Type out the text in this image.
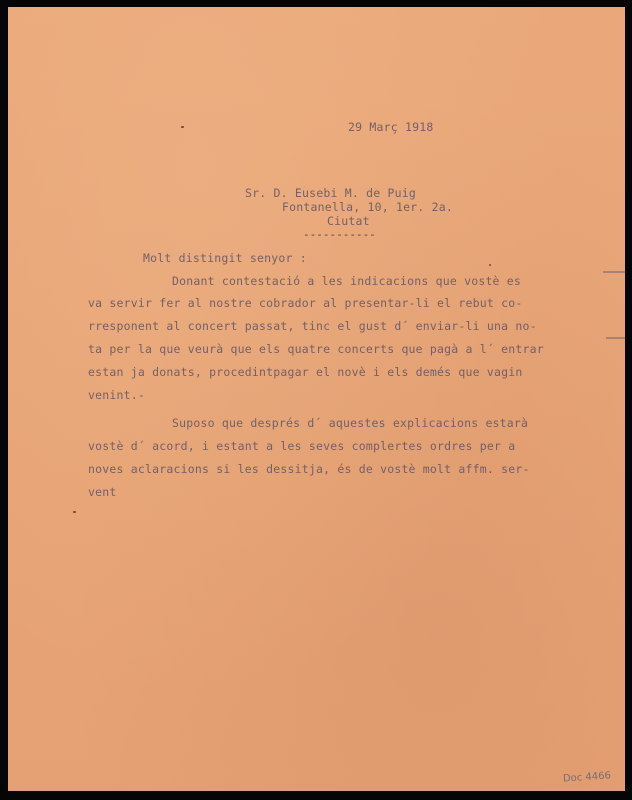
29 Març 1918
Sr. D. Eusebi M. de Puig
Fontanella, 10, 1er. 2a.
Ciutat
-----------
Molt distingit senyor :
Donant contestació a les indicacions que vostè es
va servir fer al nostre cobrador al presentar-li el rebut co-
rresponent al concert passat, tinc el gust d´ enviar-li una no-
ta per la que veurà que els quatre concerts que pagà a l´ entrar
estan ja donats, procedintpagar el novè i els demés que vagin
venint.-
Suposo que després d´ aquestes explicacions estarà
vostè d´ acord, i estant a les seves complertes ordres per a
noves aclaracions si les dessitja, és de vostè molt affm. ser-
vent
Doc 4466
